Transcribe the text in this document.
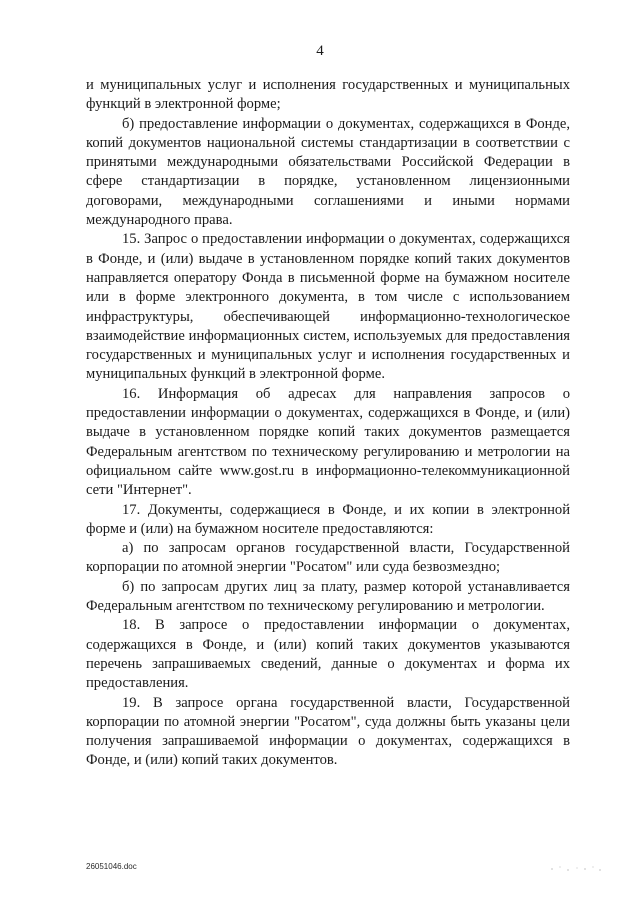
4

и муниципальных услуг и исполнения государственных и муниципальных функций в электронной форме;

б) предоставление информации о документах, содержащихся в Фонде, копий документов национальной системы стандартизации в соответствии с принятыми международными обязательствами Российской Федерации в сфере стандартизации в порядке, установленном лицензионными договорами, международными соглашениями и иными нормами международного права.

15. Запрос о предоставлении информации о документах, содержащихся в Фонде, и (или) выдаче в установленном порядке копий таких документов направляется оператору Фонда в письменной форме на бумажном носителе или в форме электронного документа, в том числе с использованием инфраструктуры, обеспечивающей информационно-технологическое взаимодействие информационных систем, используемых для предоставления государственных и муниципальных услуг и исполнения государственных и муниципальных функций в электронной форме.

16. Информация об адресах для направления запросов о предоставлении информации о документах, содержащихся в Фонде, и (или) выдаче в установленном порядке копий таких документов размещается Федеральным агентством по техническому регулированию и метрологии на официальном сайте www.gost.ru в информационно-телекоммуникационной сети "Интернет".

17. Документы, содержащиеся в Фонде, и их копии в электронной форме и (или) на бумажном носителе предоставляются:

а) по запросам органов государственной власти, Государственной корпорации по атомной энергии "Росатом" или суда безвозмездно;

б) по запросам других лиц за плату, размер которой устанавливается Федеральным агентством по техническому регулированию и метрологии.

18. В запросе о предоставлении информации о документах, содержащихся в Фонде, и (или) копий таких документов указываются перечень запрашиваемых сведений, данные о документах и форма их предоставления.

19. В запросе органа государственной власти, Государственной корпорации по атомной энергии "Росатом", суда должны быть указаны цели получения запрашиваемой информации о документах, содержащихся в Фонде, и (или) копий таких документов.

26051046.doc
